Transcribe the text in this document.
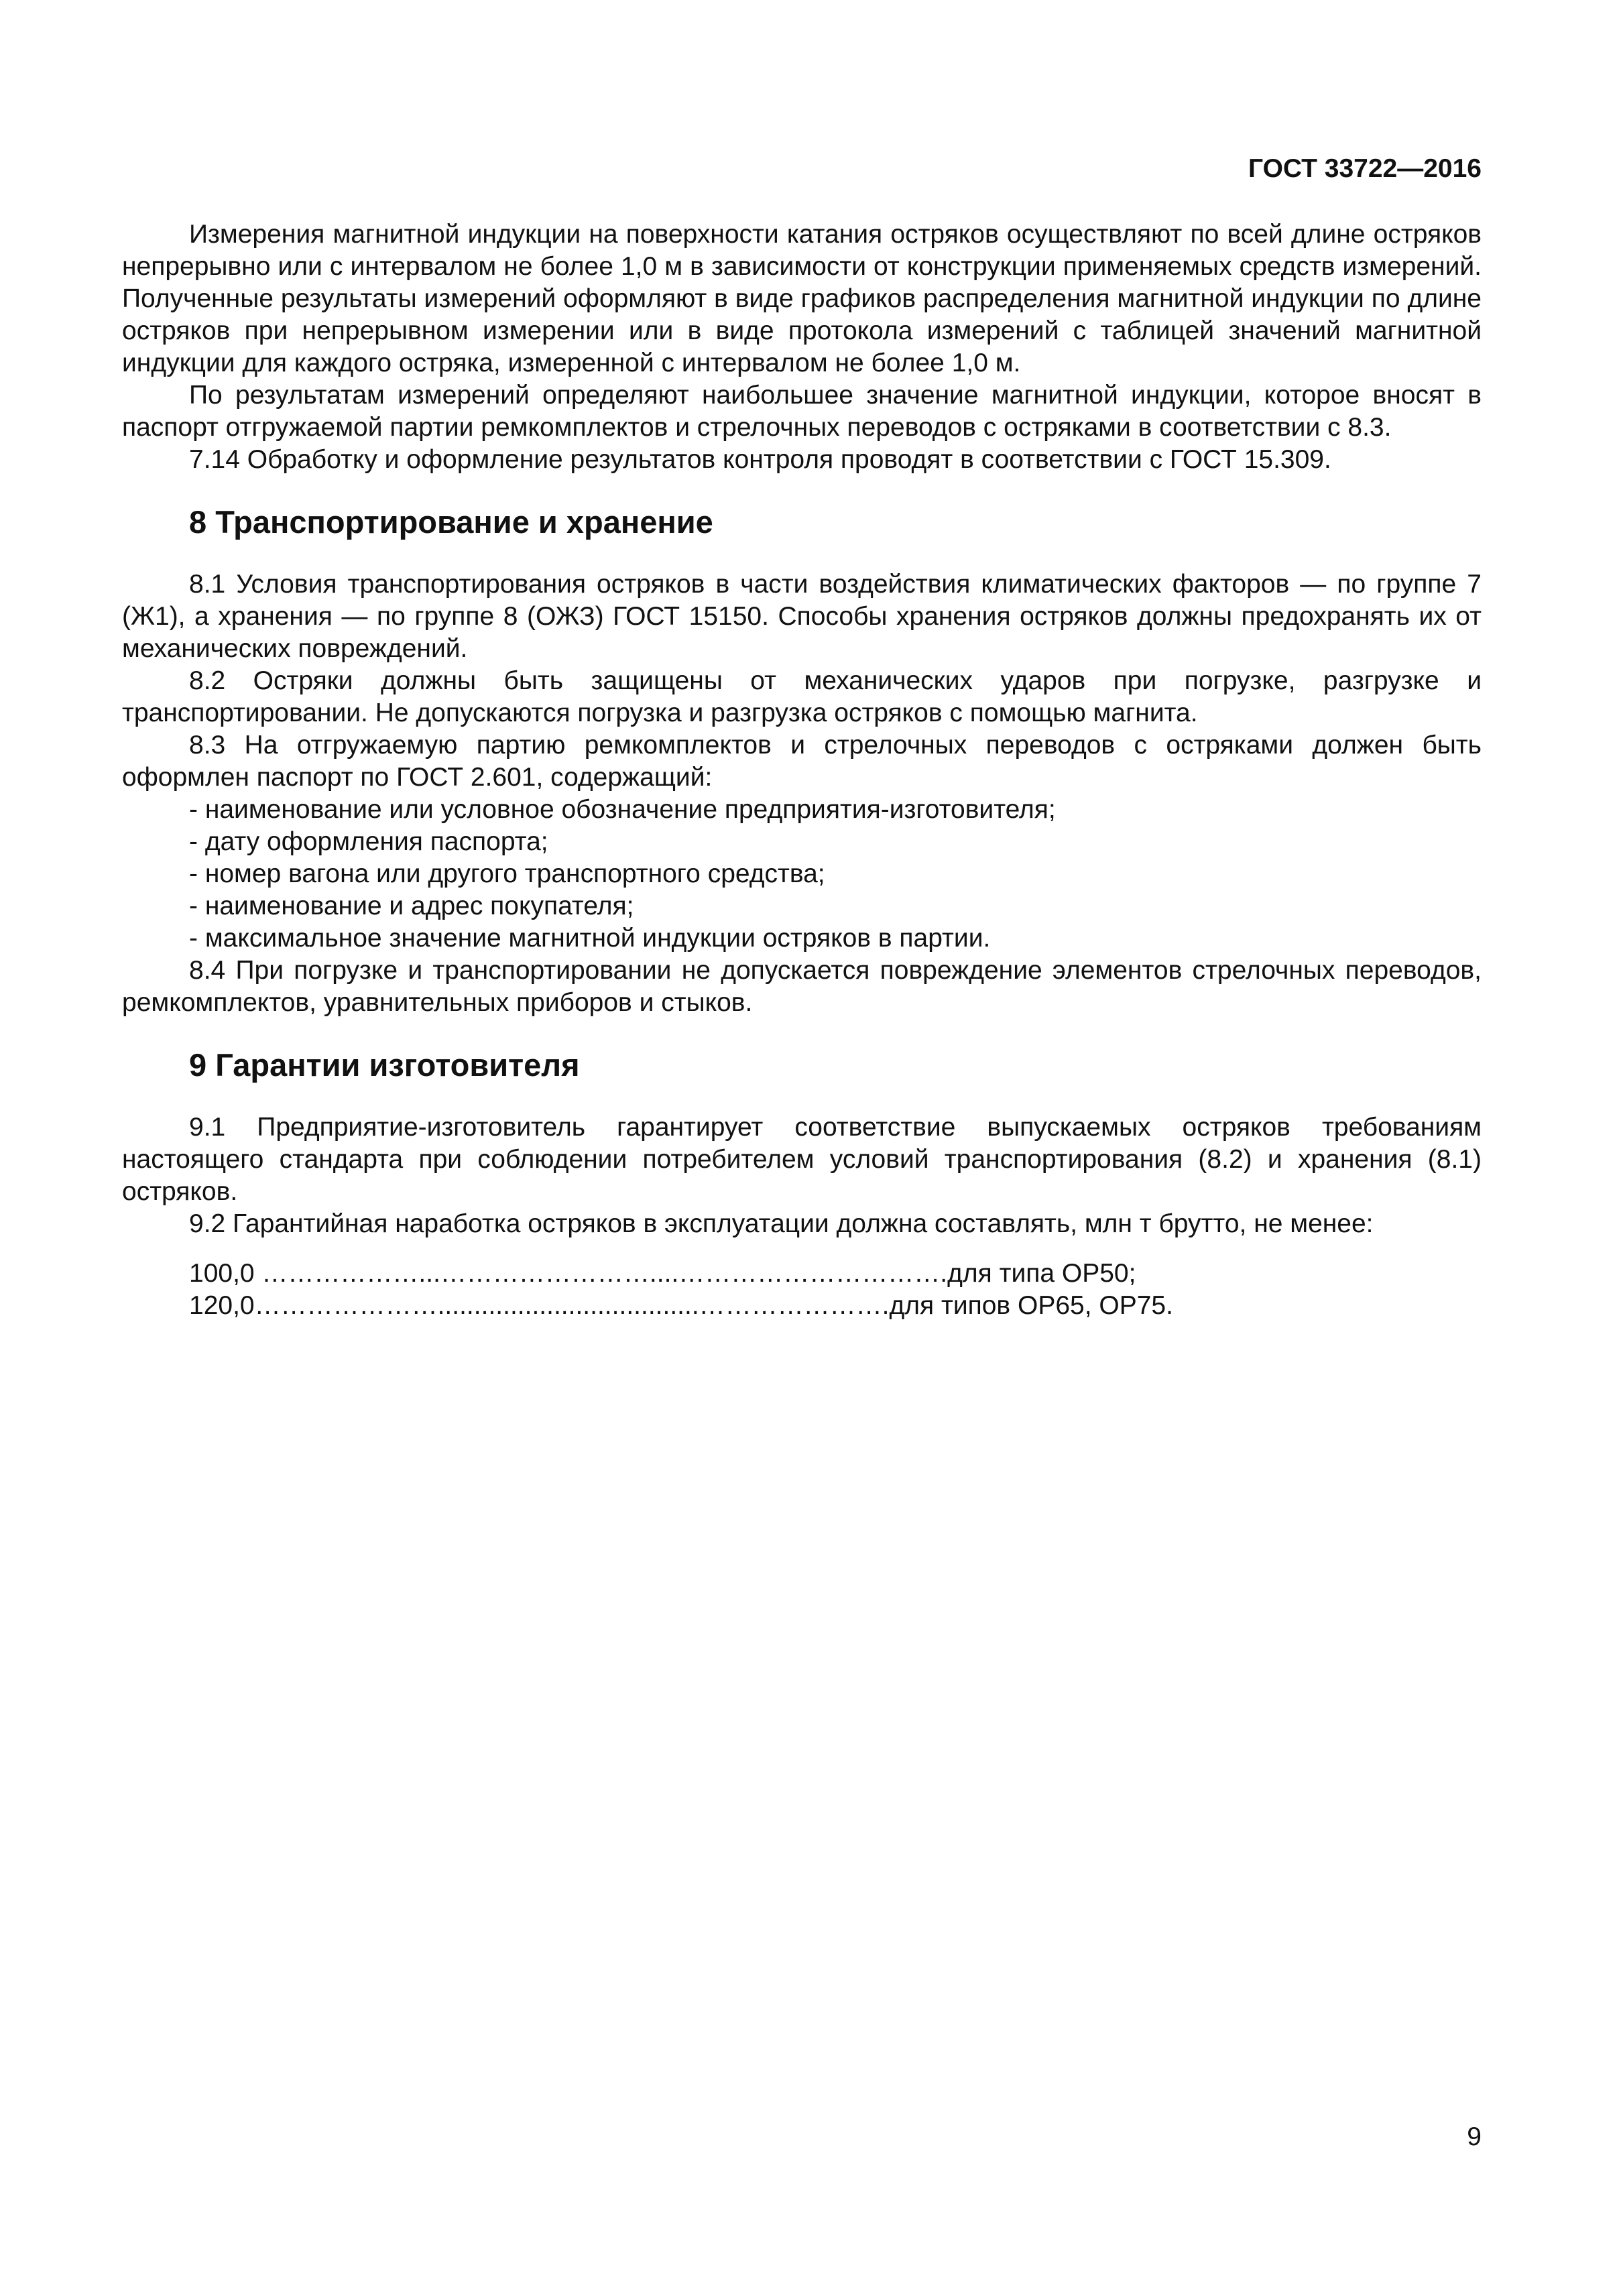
ГОСТ 33722—2016

Измерения магнитной индукции на поверхности катания остряков осуществляют по всей длине остряков непрерывно или с интервалом не более 1,0 м в зависимости от конструкции применяемых средств измерений. Полученные результаты измерений оформляют в виде графиков распределения магнитной индукции по длине остряков при непрерывном измерении или в виде протокола измерений с таблицей значений магнитной индукции для каждого остряка, измеренной с интервалом не более 1,0 м.

По результатам измерений определяют наибольшее значение магнитной индукции, которое вносят в паспорт отгружаемой партии ремкомплектов и стрелочных переводов с остряками в соответствии с 8.3.

7.14 Обработку и оформление результатов контроля проводят в соответствии с ГОСТ 15.309.

8 Транспортирование и хранение

8.1 Условия транспортирования остряков в части воздействия климатических факторов — по группе 7 (Ж1), а хранения — по группе 8 (ОЖЗ) ГОСТ 15150. Способы хранения остряков должны предохранять их от механических повреждений.

8.2 Остряки должны быть защищены от механических ударов при погрузке, разгрузке и транспортировании. Не допускаются погрузка и разгрузка остряков с помощью магнита.

8.3 На отгружаемую партию ремкомплектов и стрелочных переводов с остряками должен быть оформлен паспорт по ГОСТ 2.601, содержащий:

- наименование или условное обозначение предприятия-изготовителя;

- дату оформления паспорта;

- номер вагона или другого транспортного средства;

- наименование и адрес покупателя;

- максимальное значение магнитной индукции остряков в партии.

8.4 При погрузке и транспортировании не допускается повреждение элементов стрелочных переводов, ремкомплектов, уравнительных приборов и стыков.

9 Гарантии изготовителя

9.1 Предприятие-изготовитель гарантирует соответствие выпускаемых остряков требованиям настоящего стандарта при соблюдении потребителем условий транспортирования (8.2) и хранения (8.1) остряков.

9.2 Гарантийная наработка остряков в эксплуатации должна составлять, млн т брутто, не менее:

100,0 ………………...……………………....………………………….для типа ОР50;

120,0…………………....................................………………….для типов ОР65, ОР75.

9
